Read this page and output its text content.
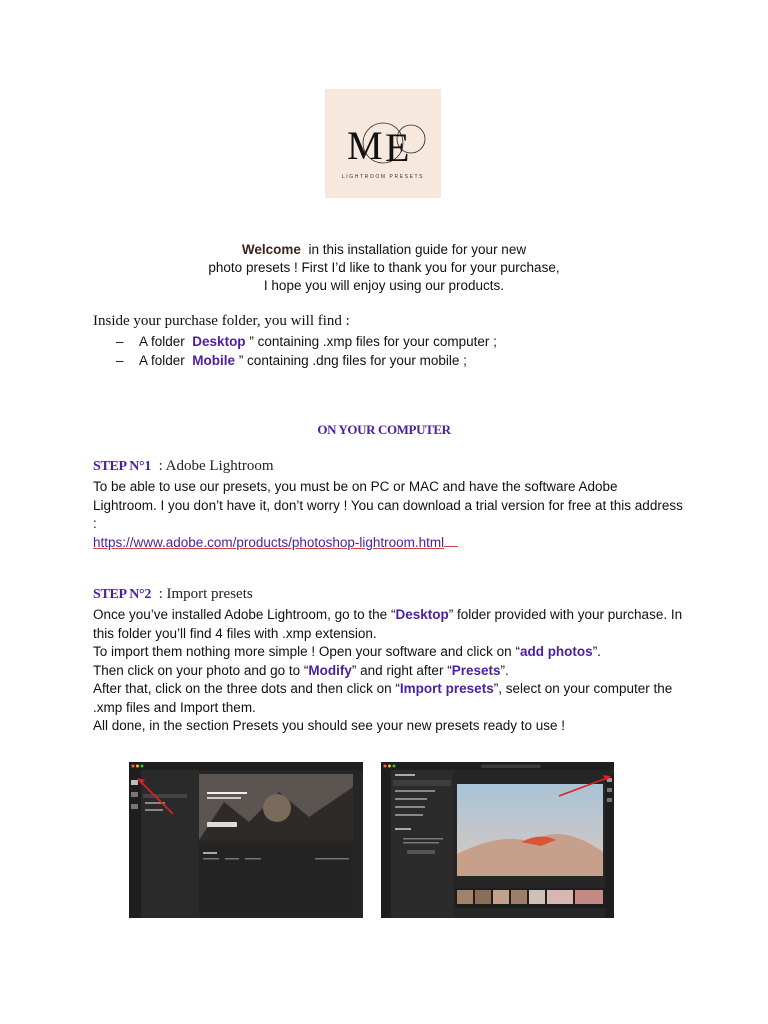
M E
LIGHTROOM PRESETS
Welcome in this installation guide for your new
photo presets ! First I’d like to thank you for your purchase,
I hope you will enjoy using our products.
Inside your purchase folder, you will find :
– A folder Desktop ” containing .xmp files for your computer ;
– A folder Mobile ” containing .dng files for your mobile ;
ON YOUR COMPUTER
STEP N°1 : Adobe Lightroom
To be able to use our presets, you must be on PC or MAC and have the software Adobe Lightroom. I you don’t have it, don’t worry ! You can download a trial version for free at this address :
https://www.adobe.com/products/photoshop-lightroom.html
STEP N°2 : Import presets
Once you’ve installed Adobe Lightroom, go to the “Desktop” folder provided with your purchase. In this folder you’ll find 4 files with .xmp extension.
To import them nothing more simple ! Open your software and click on “add photos”.
Then click on your photo and go to “Modify” and right after “Presets”.
After that, click on the three dots and then click on “Import presets”, select on your computer the .xmp files and Import them.
All done, in the section Presets you should see your new presets ready to use !
